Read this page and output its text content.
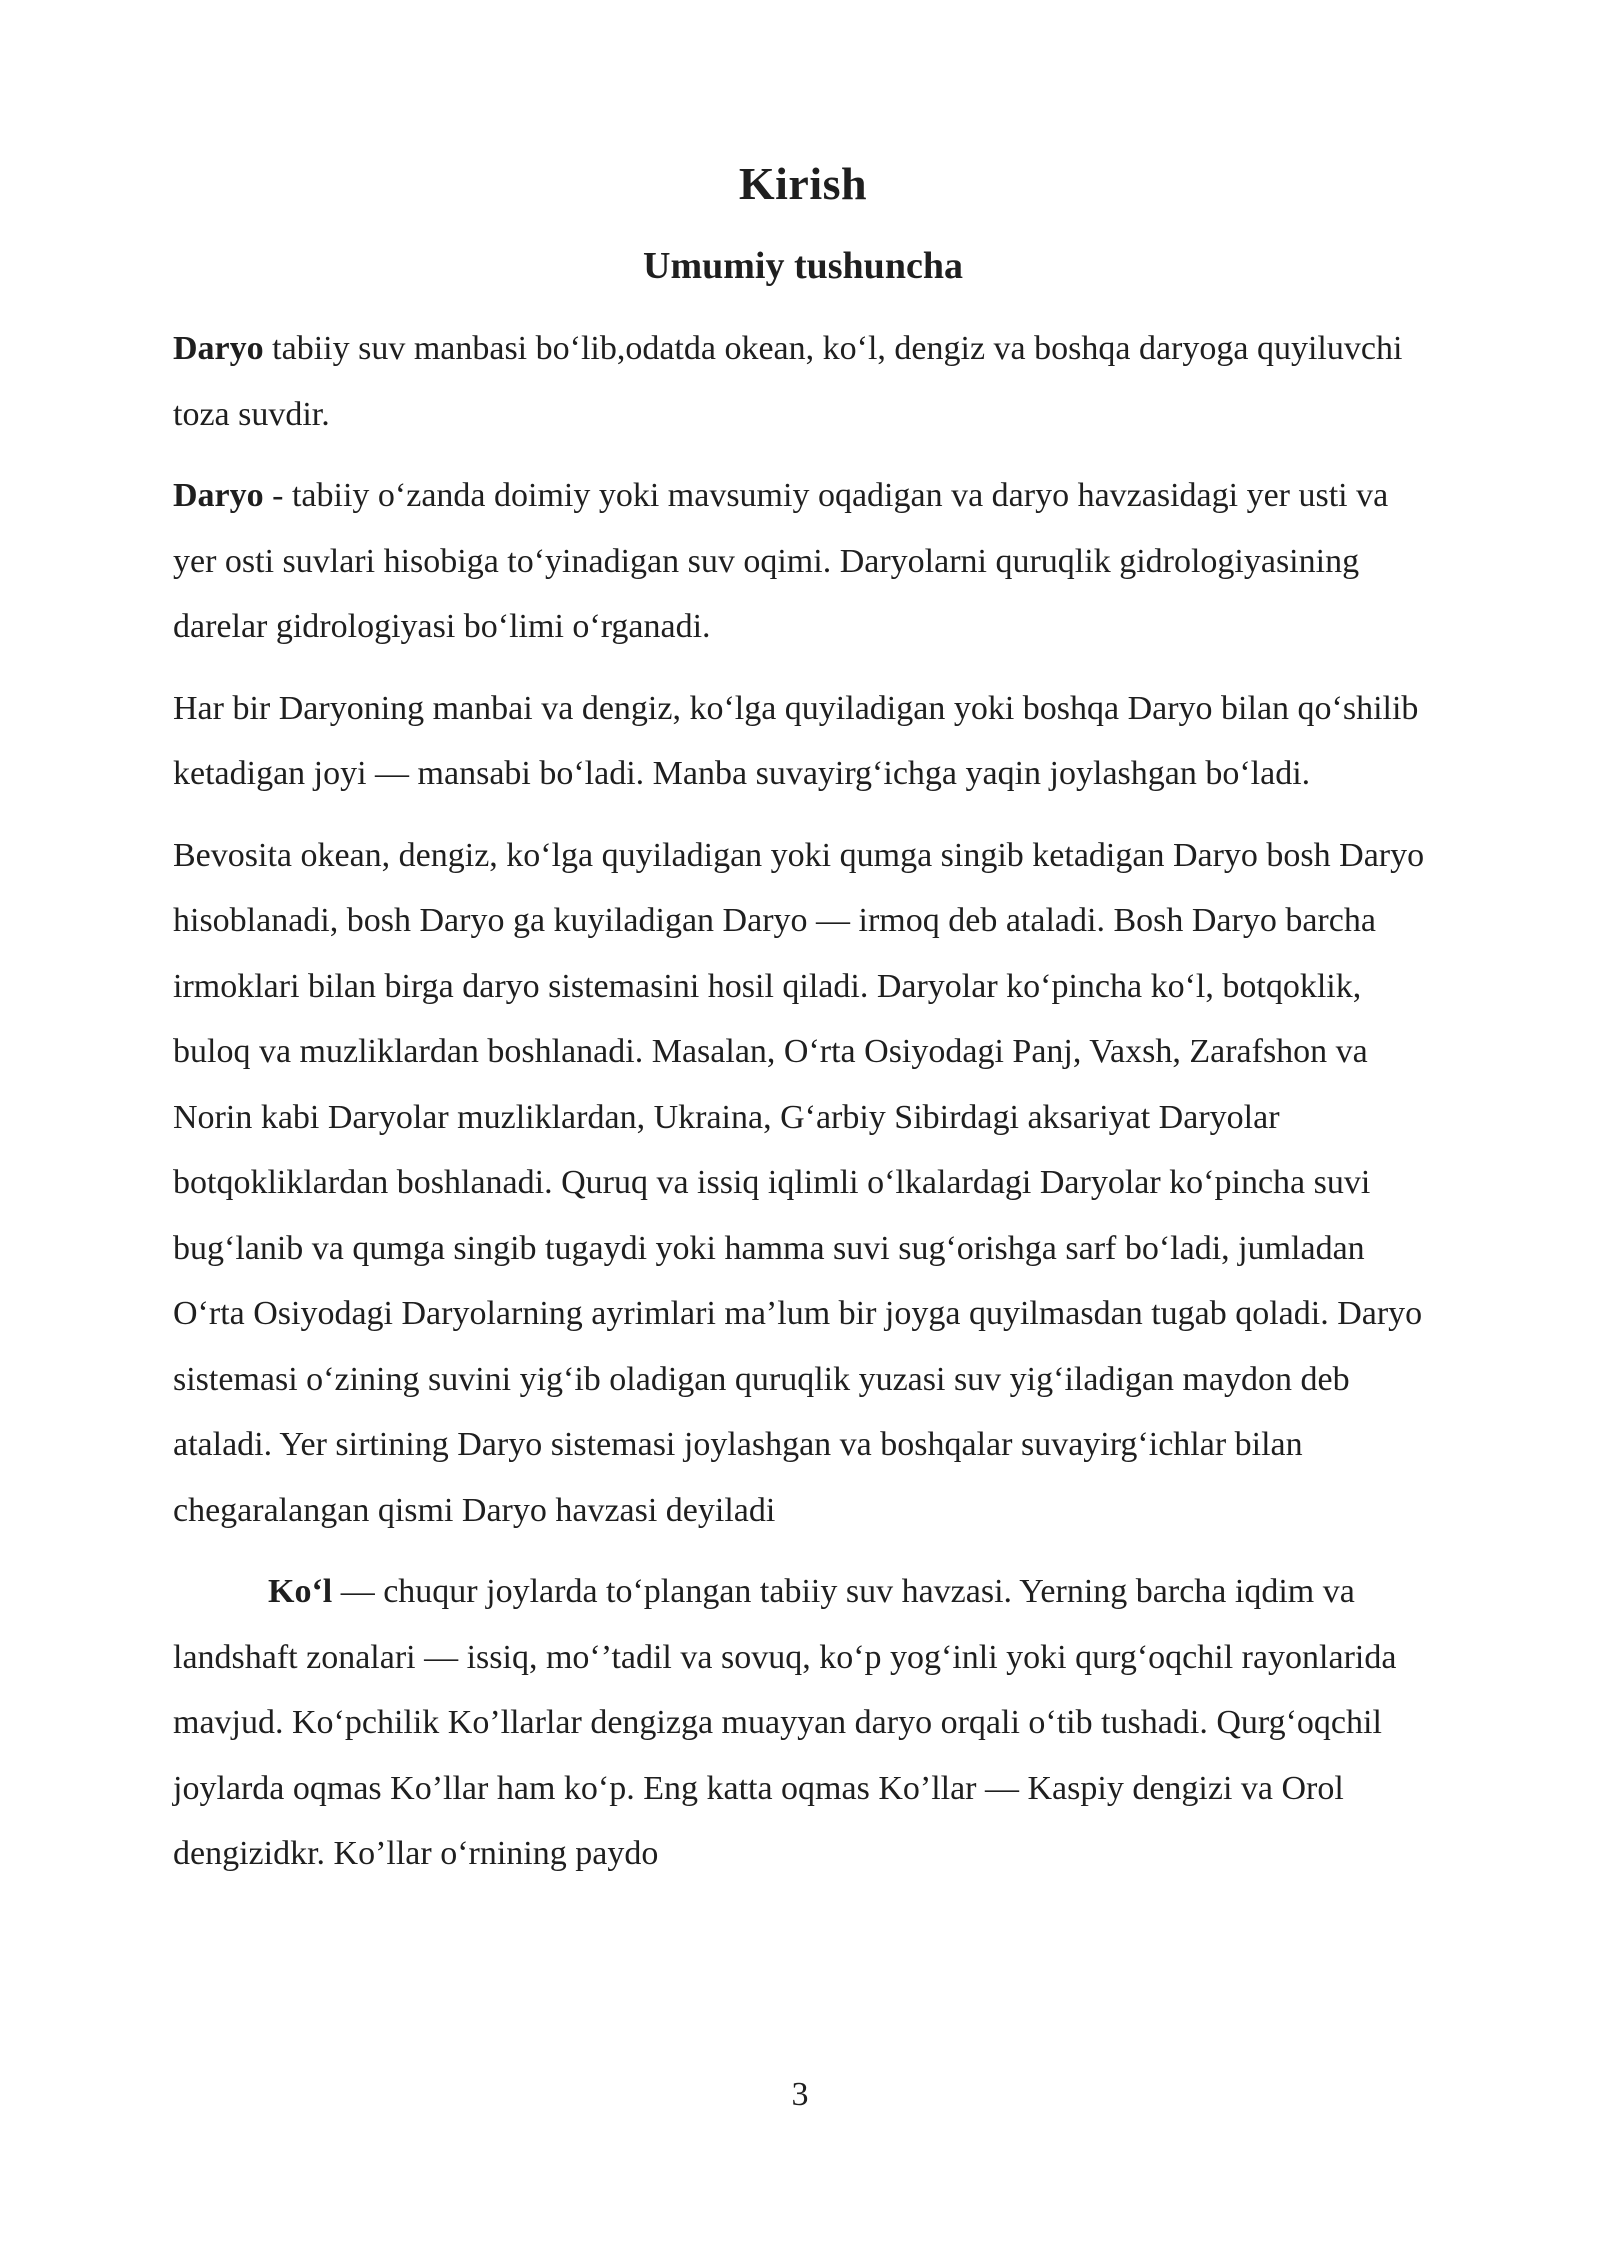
Kirish
Umumiy tushuncha

Daryo tabiiy suv manbasi bo‘lib,odatda okean, ko‘l, dengiz va boshqa daryoga quyiluvchi toza suvdir.

Daryo - tabiiy o‘zanda doimiy yoki mavsumiy oqadigan va daryo havzasidagi yer usti va yer osti suvlari hisobiga to‘yinadigan suv oqimi. Daryolarni quruqlik gidrologiyasining darelar gidrologiyasi bo‘limi o‘rganadi.

Har bir Daryoning manbai va dengiz, ko‘lga quyiladigan yoki boshqa Daryo bilan qo‘shilib ketadigan joyi — mansabi bo‘ladi. Manba suvayirg‘ichga yaqin joylashgan bo‘ladi.

Bevosita okean, dengiz, ko‘lga quyiladigan yoki qumga singib ketadigan Daryo bosh Daryo hisoblanadi, bosh Daryo ga kuyiladigan Daryo — irmoq deb ataladi. Bosh Daryo barcha irmoklari bilan birga daryo sistemasini hosil qiladi. Daryolar ko‘pincha ko‘l, botqoklik, buloq va muzliklardan boshlanadi. Masalan, O‘rta Osiyodagi Panj, Vaxsh, Zarafshon va Norin kabi Daryolar muzliklardan, Ukraina, G‘arbiy Sibirdagi aksariyat Daryolar botqokliklardan boshlanadi. Quruq va issiq iqlimli o‘lkalardagi Daryolar ko‘pincha suvi bug‘lanib va qumga singib tugaydi yoki hamma suvi sug‘orishga sarf bo‘ladi, jumladan O‘rta Osiyodagi Daryolarning ayrimlari ma’lum bir joyga quyilmasdan tugab qoladi. Daryo sistemasi o‘zining suvini yig‘ib oladigan quruqlik yuzasi suv yig‘iladigan maydon deb ataladi. Yer sirtining Daryo sistemasi joylashgan va boshqalar suvayirg‘ichlar bilan chegaralangan qismi Daryo havzasi deyiladi

Ko‘l — chuqur joylarda to‘plangan tabiiy suv havzasi. Yerning barcha iqdim va landshaft zonalari — issiq, mo‘’tadil va sovuq, ko‘p yog‘inli yoki qurg‘oqchil rayonlarida mavjud. Ko‘pchilik Ko’llarlar dengizga muayyan daryo orqali o‘tib tushadi. Qurg‘oqchil joylarda oqmas Ko’llar ham ko‘p. Eng katta oqmas Ko’llar — Kaspiy dengizi va Orol dengizidkr. Ko’llar o‘rnining paydo

3
